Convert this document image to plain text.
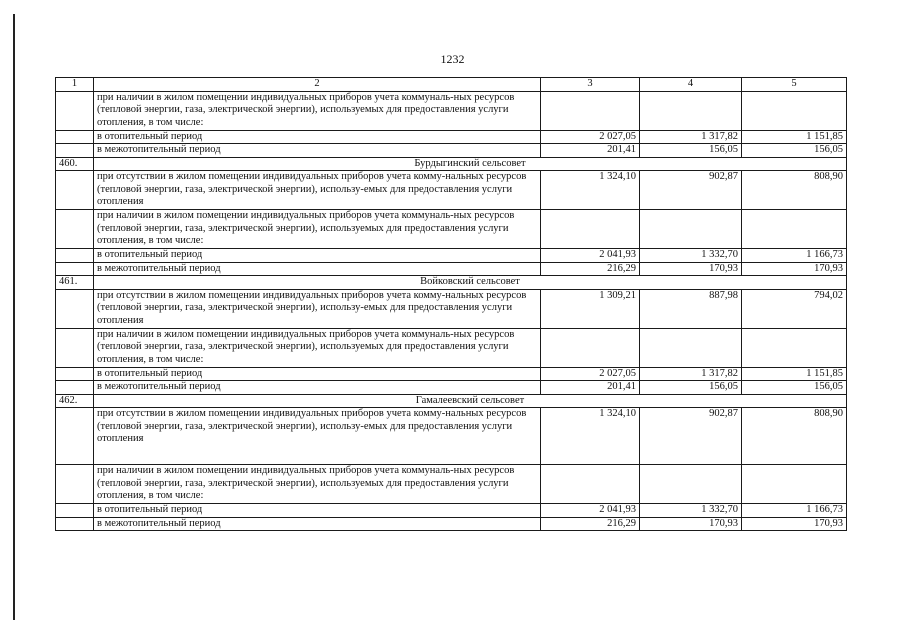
1232
1	2	3	4	5
	при наличии в жилом помещении индивидуальных приборов учета коммуналь-ных ресурсов (тепловой энергии, газа, электрической энергии), используемых для предоставления услуги отопления, в том числе:			
	в отопительный период	2 027,05	1 317,82	1 151,85
	в межотопительный период	201,41	156,05	156,05
460.	Бурдыгинский сельсовет			
	при отсутствии в жилом помещении индивидуальных приборов учета комму-нальных ресурсов (тепловой энергии, газа, электрической энергии), использу-емых для предоставления услуги отопления	1 324,10	902,87	808,90
	при наличии в жилом помещении индивидуальных приборов учета коммуналь-ных ресурсов (тепловой энергии, газа, электрической энергии), используемых для предоставления услуги отопления, в том числе:			
	в отопительный период	2 041,93	1 332,70	1 166,73
	в межотопительный период	216,29	170,93	170,93
461.	Войковский сельсовет			
	при отсутствии в жилом помещении индивидуальных приборов учета комму-нальных ресурсов (тепловой энергии, газа, электрической энергии), использу-емых для предоставления услуги отопления	1 309,21	887,98	794,02
	при наличии в жилом помещении индивидуальных приборов учета коммуналь-ных ресурсов (тепловой энергии, газа, электрической энергии), используемых для предоставления услуги отопления, в том числе:			
	в отопительный период	2 027,05	1 317,82	1 151,85
	в межотопительный период	201,41	156,05	156,05
462.	Гамалеевский сельсовет			
	при отсутствии в жилом помещении индивидуальных приборов учета комму-нальных ресурсов (тепловой энергии, газа, электрической энергии), использу-емых для предоставления услуги отопления	1 324,10	902,87	808,90
	при наличии в жилом помещении индивидуальных приборов учета коммуналь-ных ресурсов (тепловой энергии, газа, электрической энергии), используемых для предоставления услуги отопления, в том числе:			
	в отопительный период	2 041,93	1 332,70	1 166,73
	в межотопительный период	216,29	170,93	170,93
